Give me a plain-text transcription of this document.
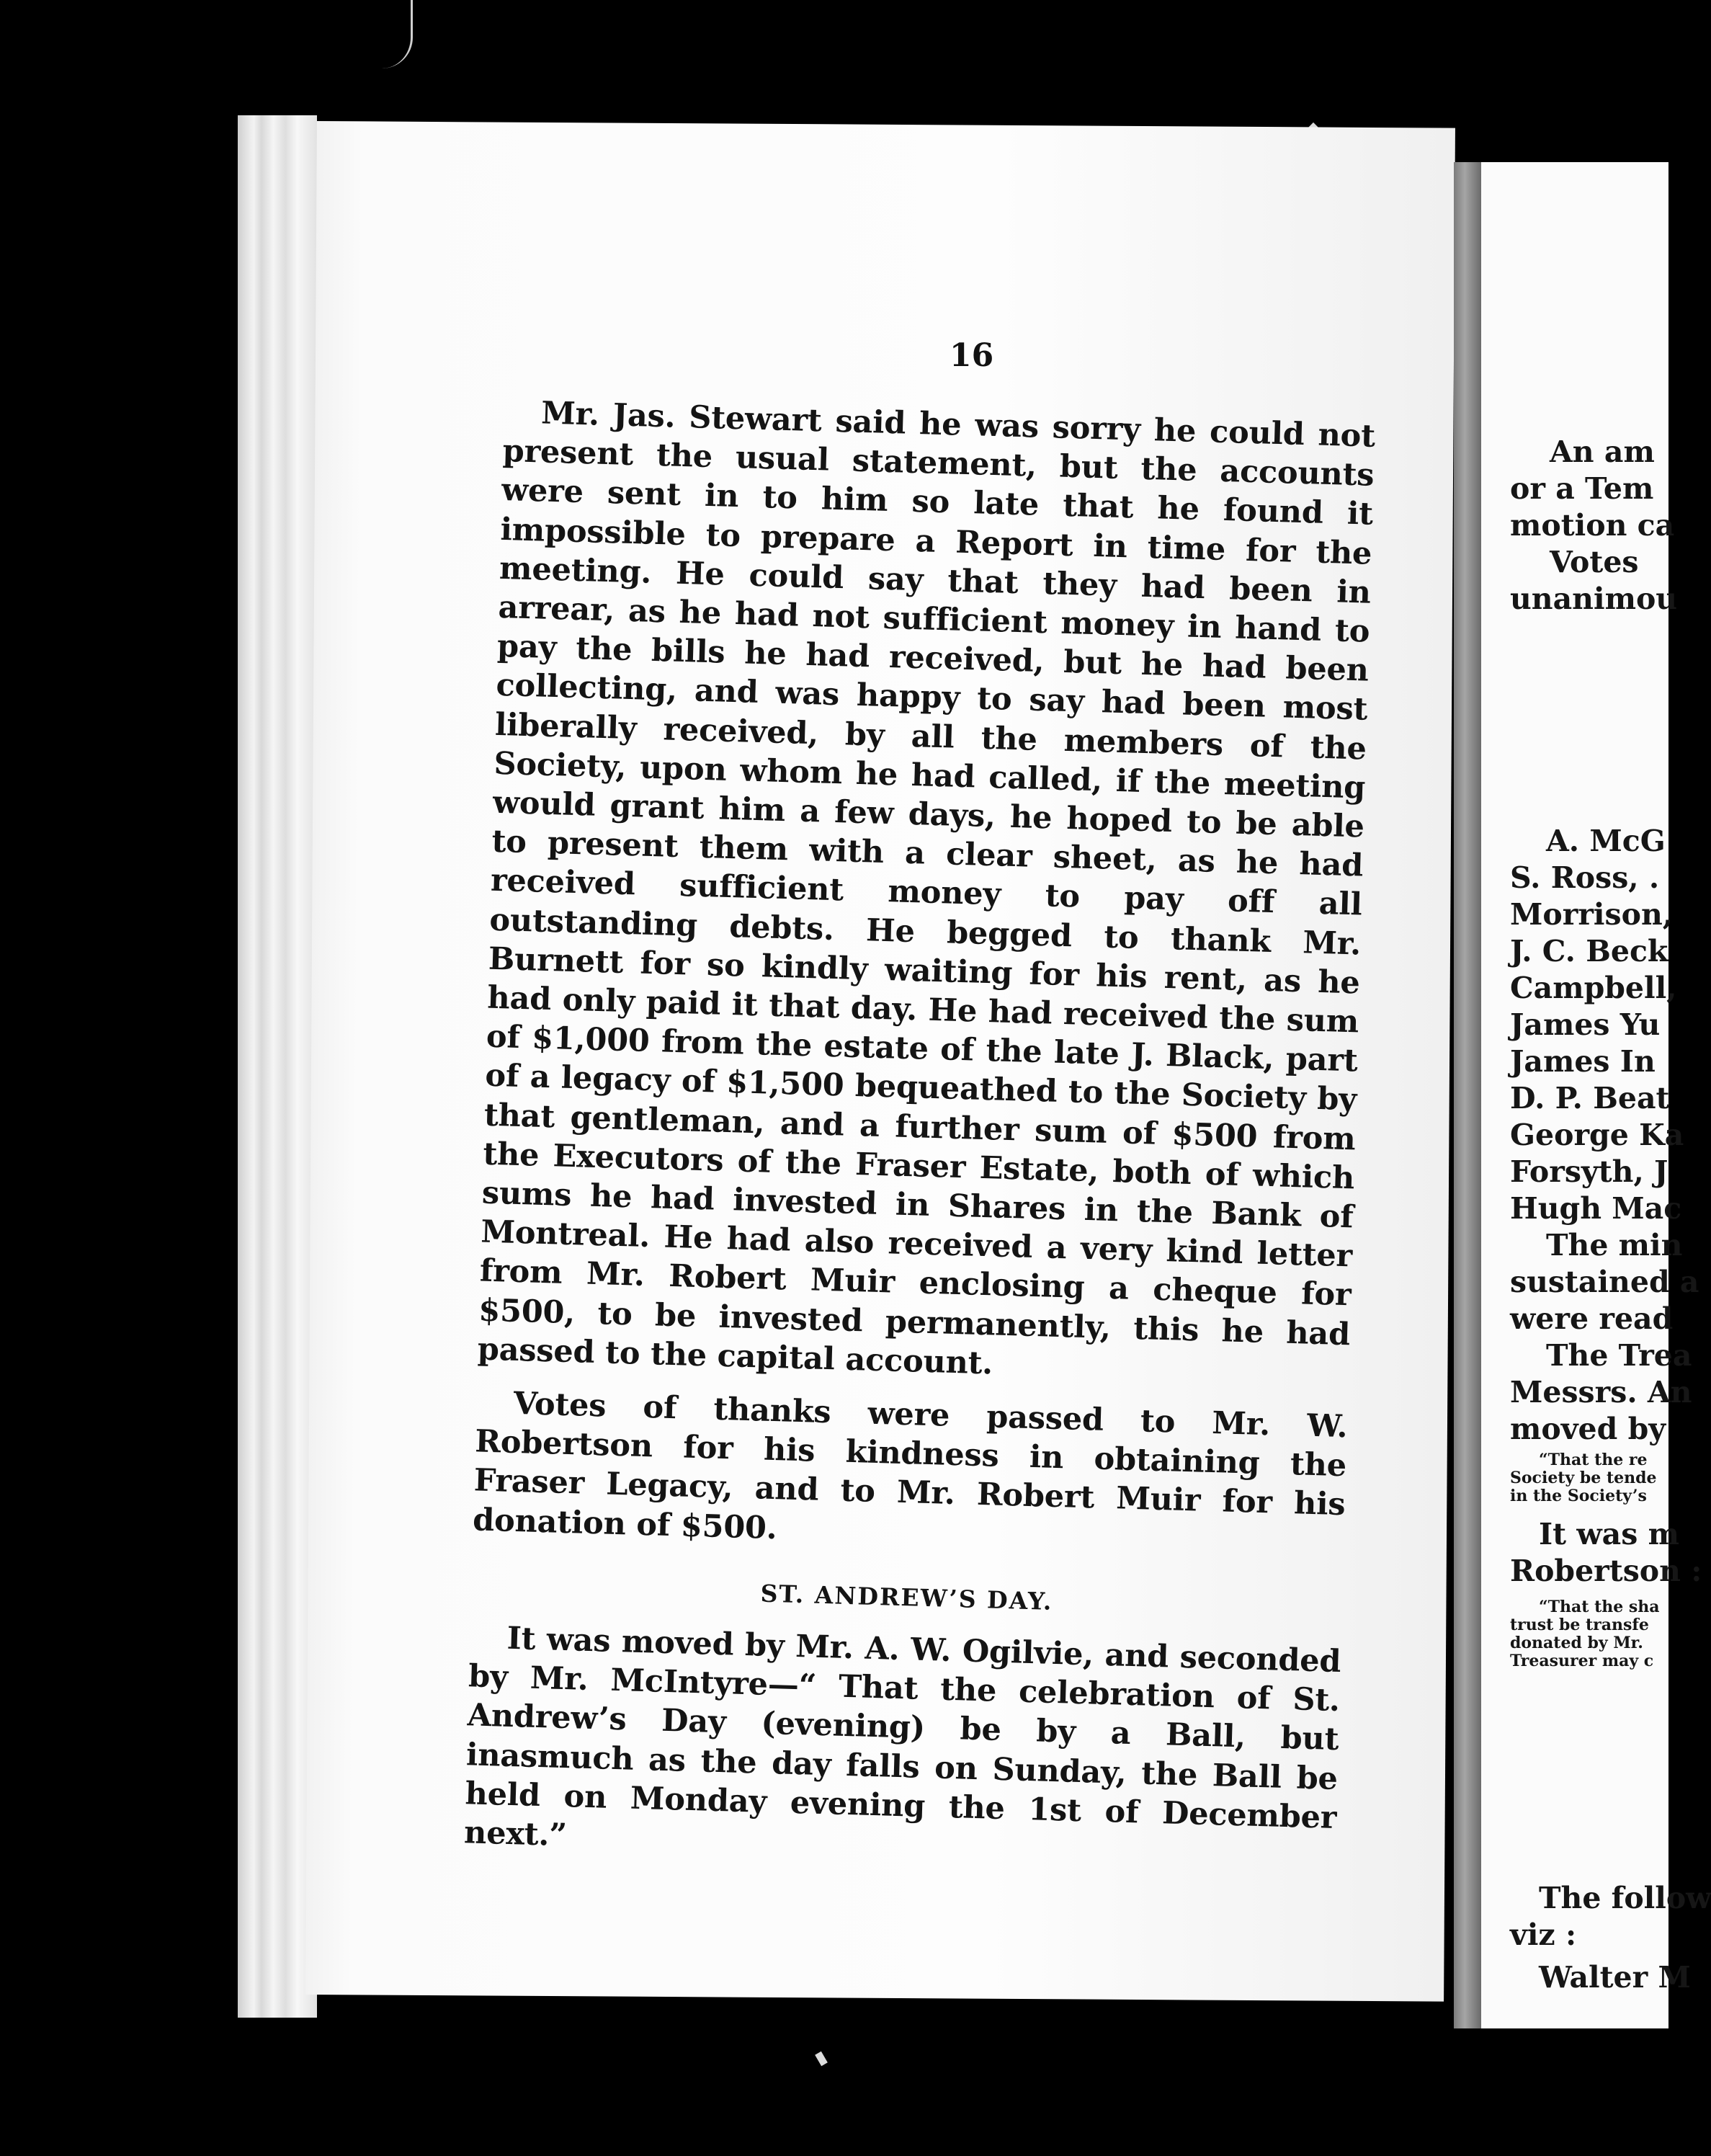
16

Mr. Jas. Stewart said he was sorry he could not present the usual statement, but the accounts were sent in to him so late that he found it impossible to prepare a Report in time for the meeting. He could say that they had been in arrear, as he had not sufficient money in hand to pay the bills he had received, but he had been collecting, and was happy to say had been most liberally received, by all the members of the Society, upon whom he had called, if the meeting would grant him a few days, he hoped to be able to present them with a clear sheet, as he had received sufficient money to pay off all outstanding debts. He begged to thank Mr. Burnett for so kindly waiting for his rent, as he had only paid it that day. He had received the sum of $1,000 from the estate of the late J. Black, part of a legacy of $1,500 bequeathed to the Society by that gentleman, and a further sum of $500 from the Executors of the Fraser Estate, both of which sums he had invested in Shares in the Bank of Montreal. He had also received a very kind letter from Mr. Robert Muir enclosing a cheque for $500, to be invested permanently, this he had passed to the capital account.

Votes of thanks were passed to Mr. W. Robertson for his kindness in obtaining the Fraser Legacy, and to Mr. Robert Muir for his donation of $500.

ST. ANDREW’S DAY.

It was moved by Mr. A. W. Ogilvie, and seconded by Mr. McIntyre—“ That the celebration of St. Andrew’s Day (evening) be by a Ball, but inasmuch as the day falls on Sunday, the Ball be held on Monday evening the 1st of December next.”

An am
or a Tem
motion ca
Votes
unanimou
A. McG
S. Ross, .
Morrison,
J. C. Beck
Campbell,
James Yu
James In
D. P. Beat
George Ka
Forsyth, J
Hugh Mac
The min
sustained a
were read
The Trea
Messrs. An
moved by
“That the re
Society be tende
in the Society’s
It was m
Robertson :
“That the sha
trust be transfe
donated by Mr.
Treasurer may c
The follow
viz :
Walter M
